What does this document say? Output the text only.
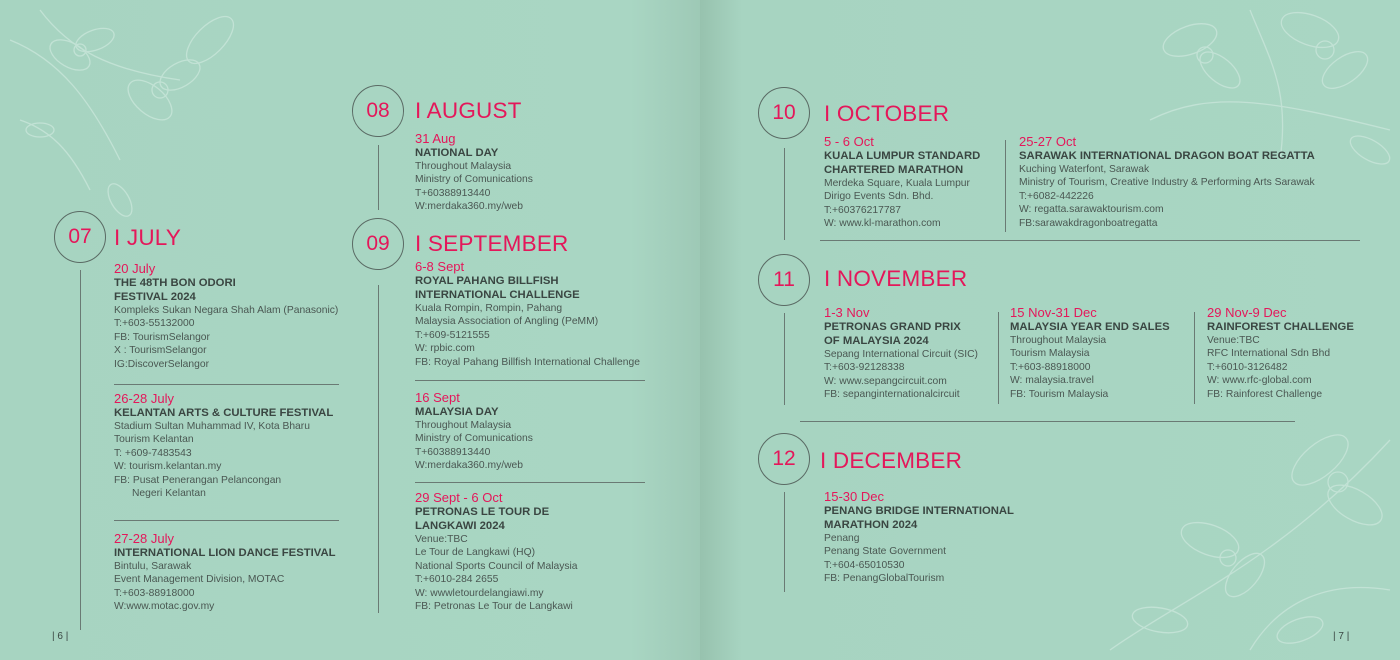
07 I JULY
20 July
THE 48TH BON ODORI
FESTIVAL 2024
Kompleks Sukan Negara Shah Alam (Panasonic)
T:+603-55132000
FB: TourismSelangor
X : TourismSelangor
IG:DiscoverSelangor
26-28 July
KELANTAN ARTS & CULTURE FESTIVAL
Stadium Sultan Muhammad IV, Kota Bharu
Tourism Kelantan
T: +609-7483543
W: tourism.kelantan.my
FB: Pusat Penerangan Pelancongan
Negeri Kelantan
27-28 July
INTERNATIONAL LION DANCE FESTIVAL
Bintulu, Sarawak
Event Management Division, MOTAC
T:+603-88918000
W:www.motac.gov.my
08 I AUGUST
31 Aug
NATIONAL DAY
Throughout Malaysia
Ministry of Comunications
T+60388913440
W:merdaka360.my/web
09 I SEPTEMBER
6-8 Sept
ROYAL PAHANG BILLFISH
INTERNATIONAL CHALLENGE
Kuala Rompin, Rompin, Pahang
Malaysia Association of Angling (PeMM)
T:+609-5121555
W: rpbic.com
FB: Royal Pahang Billfish International Challenge
16 Sept
MALAYSIA DAY
Throughout Malaysia
Ministry of Comunications
T+60388913440
W:merdaka360.my/web
29 Sept - 6 Oct
PETRONAS LE TOUR DE
LANGKAWI 2024
Venue:TBC
Le Tour de Langkawi (HQ)
National Sports Council of Malaysia
T:+6010-284 2655
W: wwwletourdelangiawi.my
FB: Petronas Le Tour de Langkawi
| 6 |
10 I OCTOBER
5 - 6 Oct
KUALA LUMPUR STANDARD
CHARTERED MARATHON
Merdeka Square, Kuala Lumpur
Dirigo Events Sdn. Bhd.
T:+60376217787
W: www.kl-marathon.com
25-27 Oct
SARAWAK INTERNATIONAL DRAGON BOAT REGATTA
Kuching Waterfont, Sarawak
Ministry of Tourism, Creative Industry & Performing Arts Sarawak
T:+6082-442226
W: regatta.sarawaktourism.com
FB:sarawakdragonboatregatta
11 I NOVEMBER
1-3 Nov
PETRONAS GRAND PRIX
OF MALAYSIA 2024
Sepang International Circuit (SIC)
T:+603-92128338
W: www.sepangcircuit.com
FB: sepanginternationalcircuit
15 Nov-31 Dec
MALAYSIA YEAR END SALES
Throughout Malaysia
Tourism Malaysia
T:+603-88918000
W: malaysia.travel
FB: Tourism Malaysia
29 Nov-9 Dec
RAINFOREST CHALLENGE
Venue:TBC
RFC International Sdn Bhd
T:+6010-3126482
W: www.rfc-global.com
FB: Rainforest Challenge
12 I DECEMBER
15-30 Dec
PENANG BRIDGE INTERNATIONAL
MARATHON 2024
Penang
Penang State Government
T:+604-65010530
FB: PenangGlobalTourism
| 7 |
